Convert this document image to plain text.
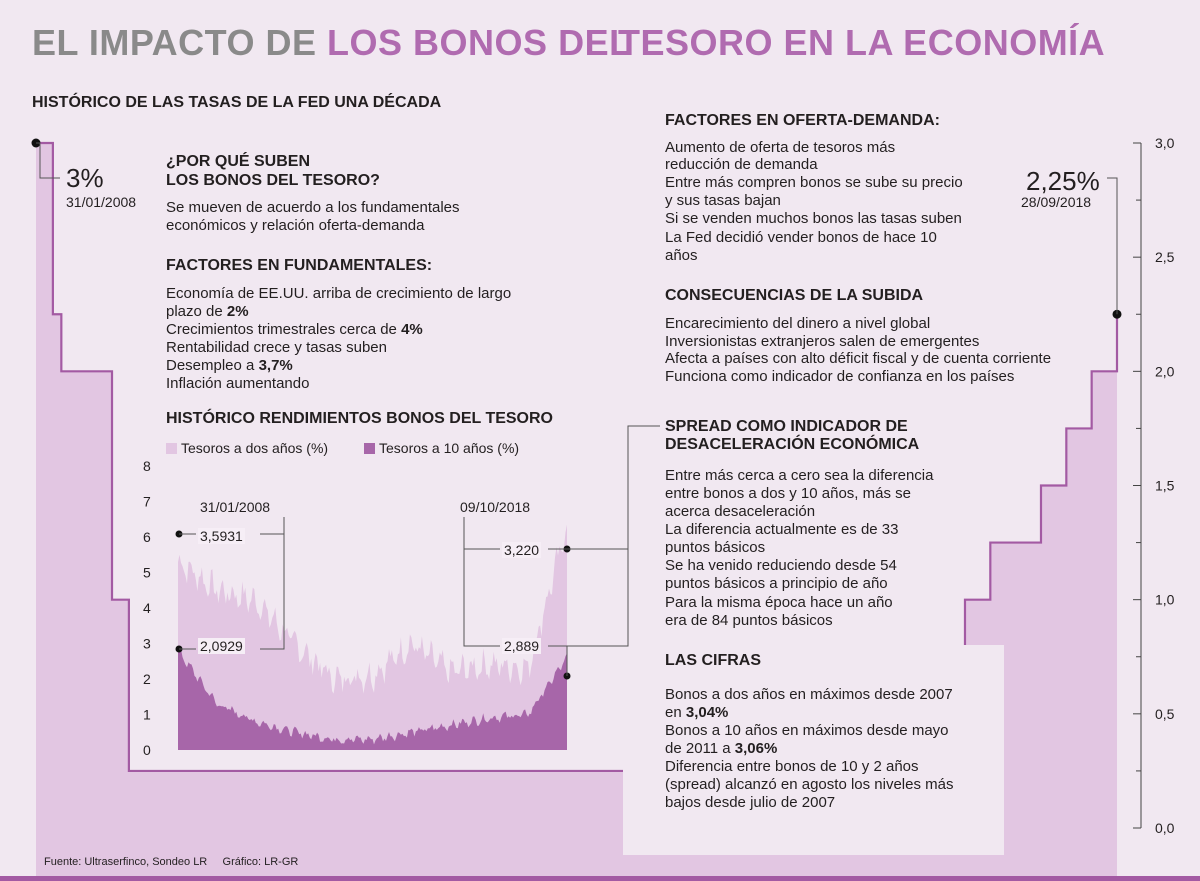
0,0
0,5
1,0
1,5
2,0
2,5
3,0
0
1
2
3
4
5
6
7
8
EL IMPACTO DE LOS BONOS DEL
TESORO EN LA ECONOMÍA
HISTÓRICO DE LAS TASAS DE LA FED UNA DÉCADA
3%
31/01/2008
2,25%
28/09/2018
¿POR QUÉ SUBEN
LOS BONOS DEL TESORO?
Se mueven de acuerdo a los fundamentales
económicos y relación oferta-demanda
FACTORES EN FUNDAMENTALES:
Economía de EE.UU. arriba de crecimiento de largo
plazo de 2%
Crecimientos trimestrales cerca de 4%
Rentabilidad crece y tasas suben
Desempleo a 3,7%
Inflación aumentando
HISTÓRICO RENDIMIENTOS BONOS DEL TESORO
Tesoros a dos años (%)	Tesoros a 10 años (%)
31/01/2008	09/10/2018
3,5931
2,0929
3,220
2,889
FACTORES EN OFERTA-DEMANDA:
Aumento de oferta de tesoros más
reducción de demanda
Entre más compren bonos se sube su precio
y sus tasas bajan
Si se venden muchos bonos las tasas suben
La Fed decidió vender bonos de hace 10
años
CONSECUENCIAS DE LA SUBIDA
Encarecimiento del dinero a nivel global
Inversionistas extranjeros salen de emergentes
Afecta a países con alto déficit fiscal y de cuenta corriente
Funciona como indicador de confianza en los países
SPREAD COMO INDICADOR DE
DESACELERACIÓN ECONÓMICA
Entre más cerca a cero sea la diferencia
entre bonos a dos y 10 años, más se
acerca desaceleración
La diferencia actualmente es de 33
puntos básicos
Se ha venido reduciendo desde 54
puntos básicos a principio de año
Para la misma época hace un año
era de 84 puntos básicos
LAS CIFRAS
Bonos a dos años en máximos desde 2007
en 3,04%
Bonos a 10 años en máximos desde mayo
de 2011 a 3,06%
Diferencia entre bonos de 10 y 2 años
(spread) alcanzó en agosto los niveles más
bajos desde julio de 2007
Fuente: Ultraserfinco, Sondeo LR Gráfico: LR-GR
